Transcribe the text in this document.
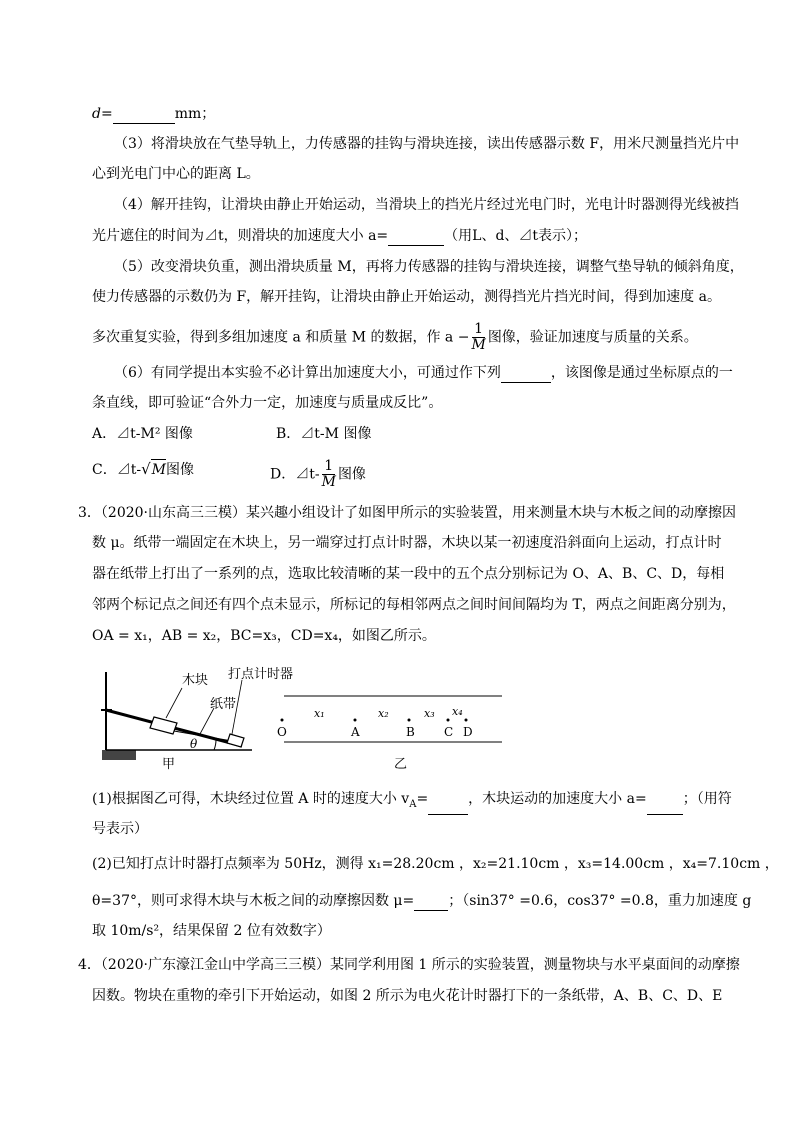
d=	mm；
（3）将滑块放在气垫导轨上，力传感器的挂钩与滑块连接，读出传感器示数 F，用米尺测量挡光片中
心到光电门中心的距离 L。
（4）解开挂钩，让滑块由静止开始运动，当滑块上的挡光片经过光电门时，光电计时器测得光线被挡
光片遮住的时间为⊿t，则滑块的加速度大小 a=	（用L、d、⊿t表示）；
（5）改变滑块负重，测出滑块质量 M，再将力传感器的挂钩与滑块连接，调整气垫导轨的倾斜角度，
使力传感器的示数仍为 F，解开挂钩，让滑块由静止开始运动，测得挡光片挡光时间，得到加速度 a。
多次重复实验，得到多组加速度 a 和质量 M 的数据，作 $a - \frac{1}{M}$ 图像，验证加速度与质量的关系。
（6）有同学提出本实验不必计算出加速度大小，可通过作下列	，该图像是通过坐标原点的一
条直线，即可验证“合外力一定，加速度与质量成反比”。
A．⊿t-M² 图像	B．⊿t-M 图像
C．⊿t-√M图像	D．⊿t- $\frac{1}{M}$ 图像
3．（2020·山东高三三模）某兴趣小组设计了如图甲所示的实验装置，用来测量木块与木板之间的动摩擦因
数 μ。纸带一端固定在木块上，另一端穿过打点计时器，木块以某一初速度沿斜面向上运动，打点计时
器在纸带上打出了一系列的点，选取比较清晰的某一段中的五个点分别标记为 O、A、B、C、D，每相
邻两个标记点之间还有四个点未显示，所标记的每相邻两点之间时间间隔均为 T，两点之间距离分别为，
OA = x₁，AB = x₂，BC=x₃，CD=x₄，如图乙所示。
木块 打点计时器
纸带
θ
甲
O	A	B C D
x₁	x₂	x₃ x₄
乙
(1)根据图乙可得，木块经过位置 A 时的速度大小 $v_A=$	，木块运动的加速度大小 a=	；（用符
号表示）
(2)已知打点计时器打点频率为 50Hz，测得 x₁=28.20cm ，x₂=21.10cm ，x₃=14.00cm ，x₄=7.10cm ，
θ=37°，则可求得木块与木板之间的动摩擦因数 μ= ；（sin37° =0.6，cos37° =0.8，重力加速度 g
取 10m/s²，结果保留 2 位有效数字）
4．（2020·广东濠江金山中学高三三模）某同学利用图 1 所示的实验装置，测量物块与水平桌面间的动摩擦
因数。物块在重物的牵引下开始运动，如图 2 所示为电火花计时器打下的一条纸带，A、B、C、D、E
